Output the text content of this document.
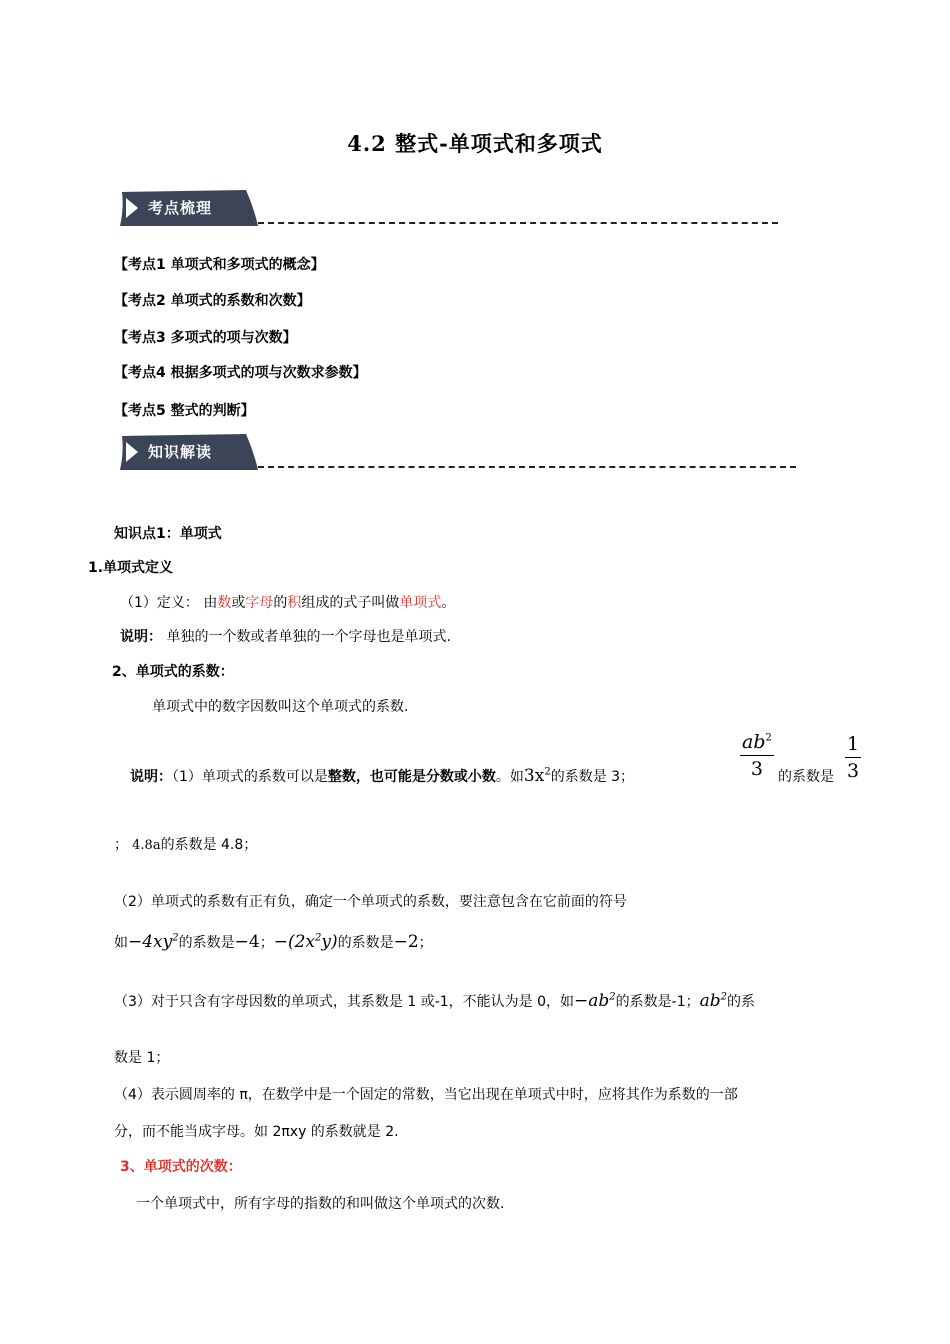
4.2 整式-单项式和多项式
考点梳理
【考点1 单项式和多项式的概念】
【考点2 单项式的系数和次数】
【考点3 多项式的项与次数】
【考点4 根据多项式的项与次数求参数】
【考点5 整式的判断】
知识解读
知识点1：单项式
1.单项式定义
（1）定义： 由数或字母的积组成的式子叫做单项式。
说明： 单独的一个数或者单独的一个字母也是单项式.
2、单项式的系数：
单项式中的数字因数叫这个单项式的系数.
说明：（1）单项式的系数可以是整数，也可能是分数或小数。如$3x^2$的系数是 3；
$ab^2$
3	的系数是
1
3
； 4.8a的系数是 4.8；
（2）单项式的系数有正有负，确定一个单项式的系数，要注意包含在它前面的符号
如$-4xy^2$的系数是−4；$-(2x^2y)$的系数是−2；
（3）对于只含有字母因数的单项式，其系数是 1 或-1，不能认为是 0，如$-ab^2$的系数是-1；$ab^2$的系
数是 1；
（4）表示圆周率的 π，在数学中是一个固定的常数，当它出现在单项式中时，应将其作为系数的一部
分，而不能当成字母。如 2πxy 的系数就是 2.
3、单项式的次数：
一个单项式中，所有字母的指数的和叫做这个单项式的次数.
